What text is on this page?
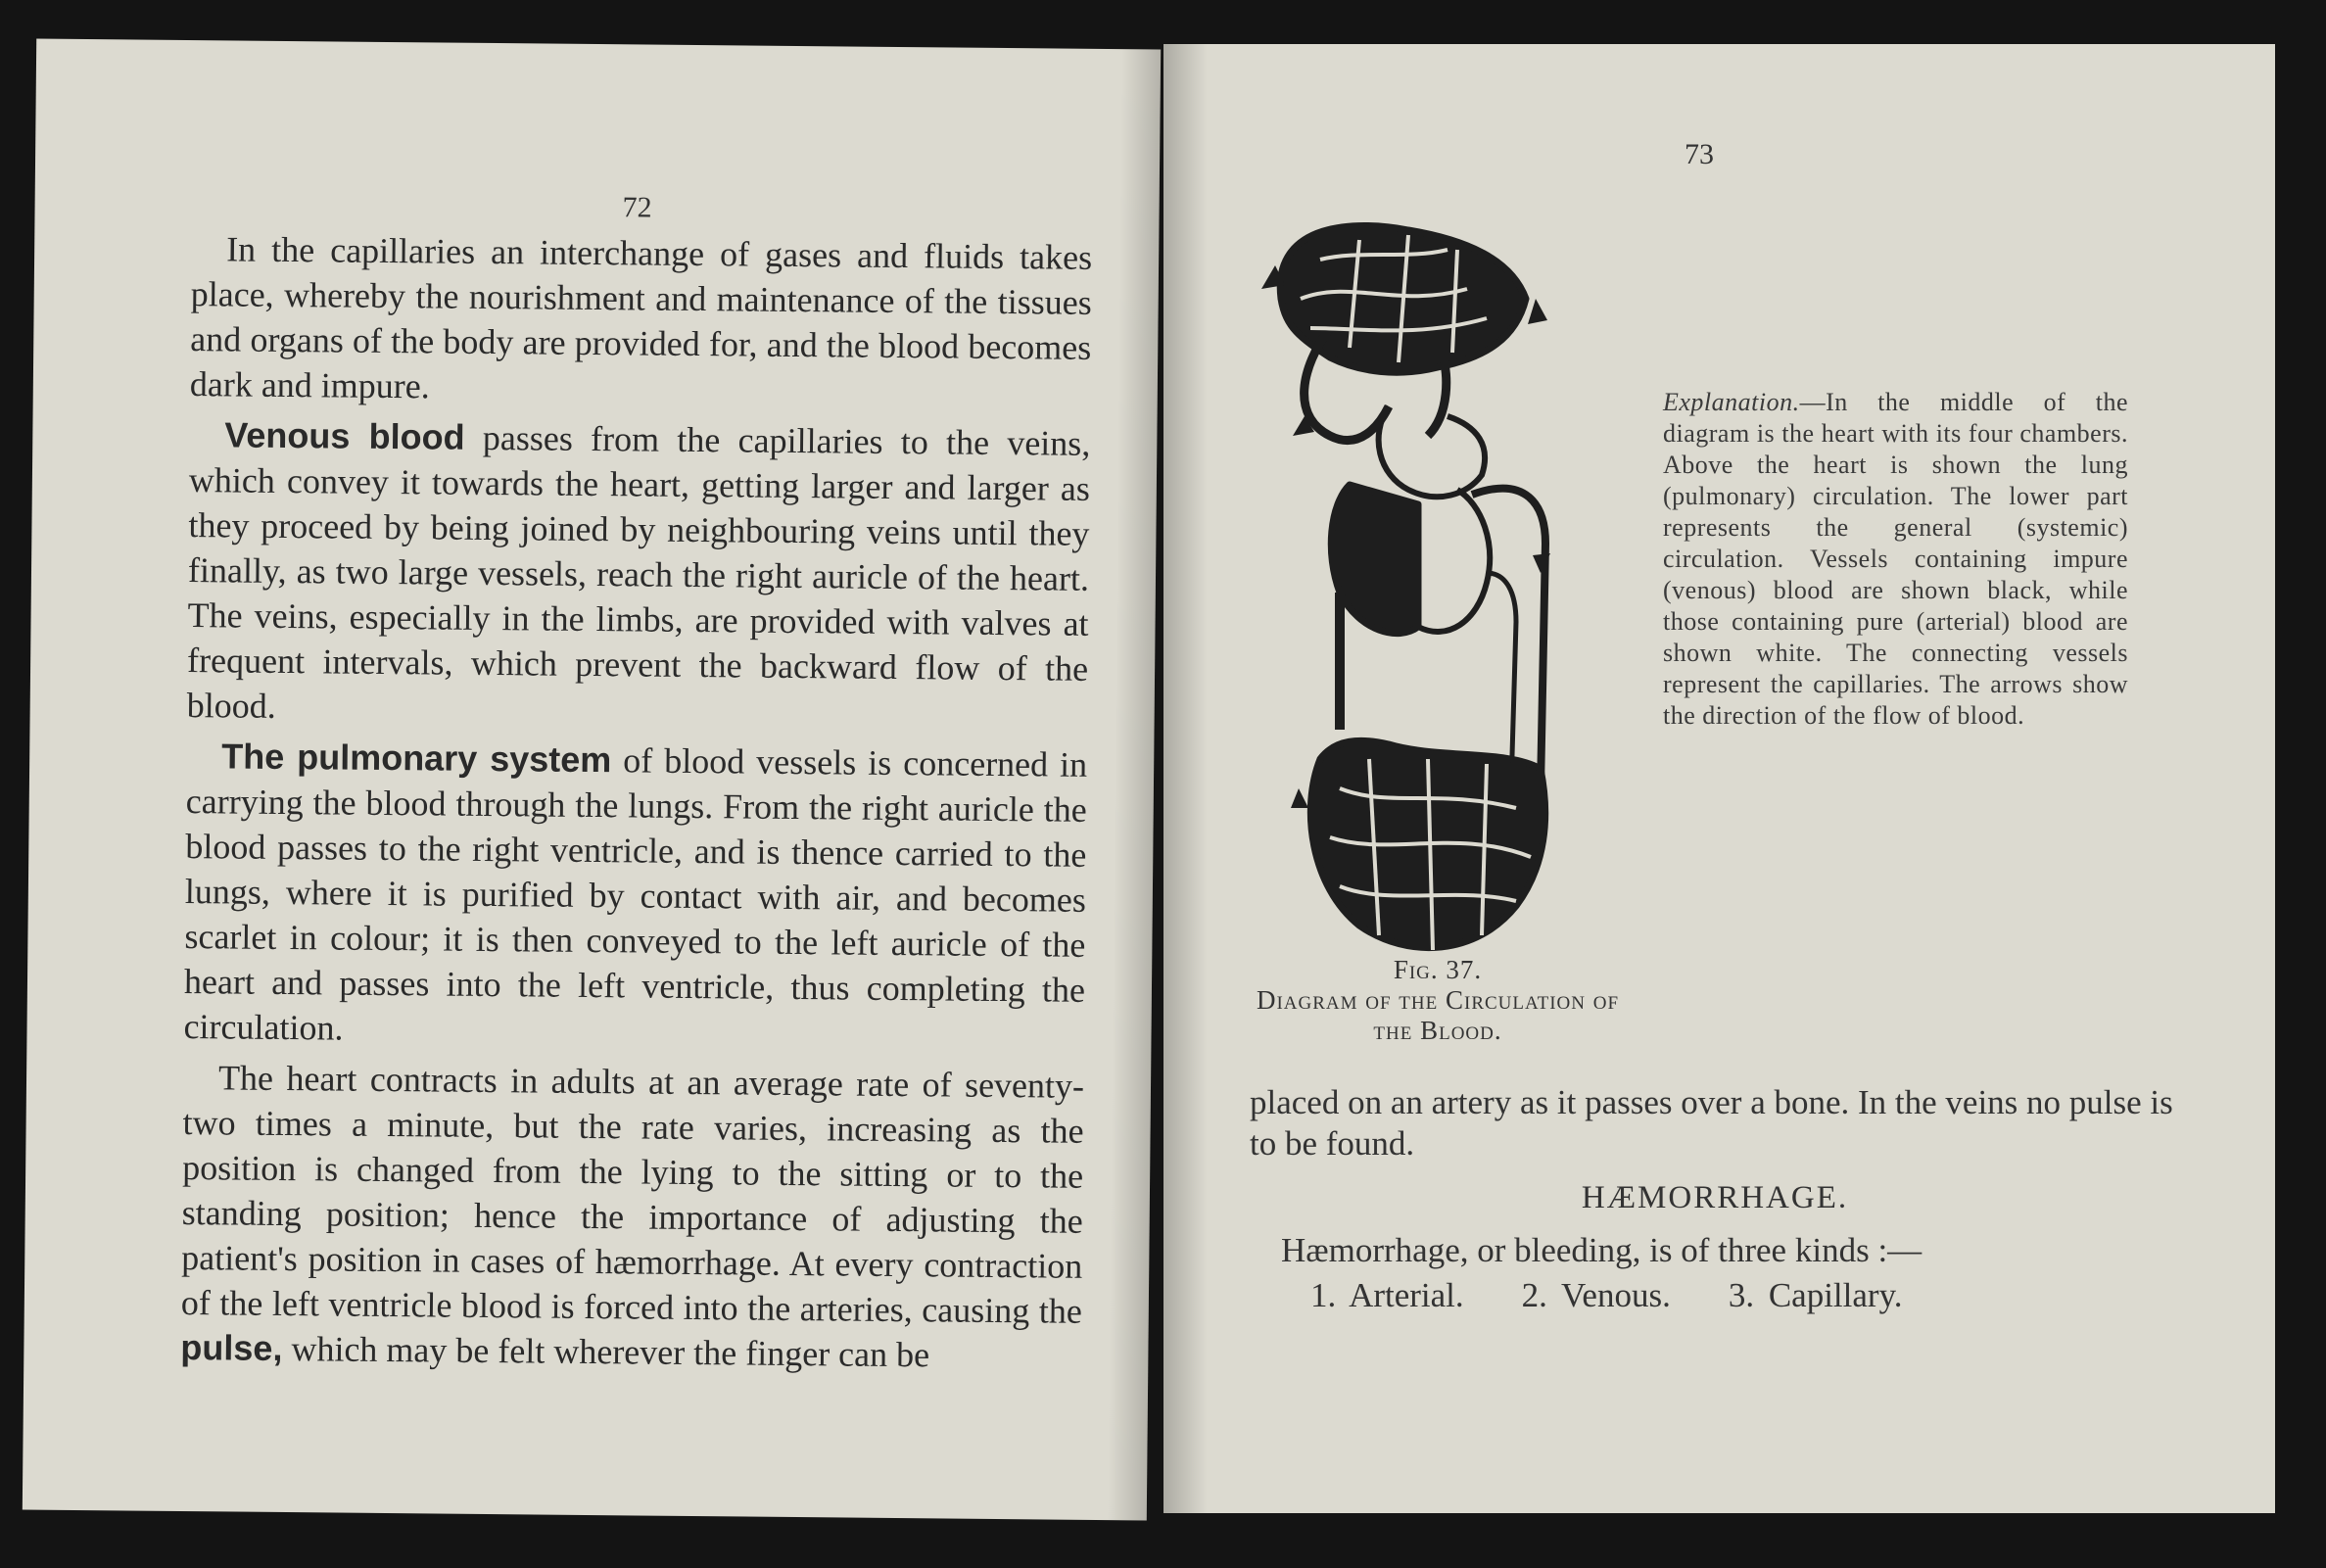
72

In the capillaries an interchange of gases and fluids takes place, whereby the nourishment and maintenance of the tissues and organs of the body are provided for, and the blood becomes dark and impure.

Venous blood passes from the capillaries to the veins, which convey it towards the heart, getting larger and larger as they proceed by being joined by neighbouring veins until they finally, as two large vessels, reach the right auricle of the heart. The veins, especially in the limbs, are provided with valves at frequent intervals, which prevent the backward flow of the blood.

The pulmonary system of blood vessels is concerned in carrying the blood through the lungs. From the right auricle the blood passes to the right ventricle, and is thence carried to the lungs, where it is purified by contact with air, and becomes scarlet in colour; it is then conveyed to the left auricle of the heart and passes into the left ventricle, thus completing the circulation.

The heart contracts in adults at an average rate of seventy-two times a minute, but the rate varies, increasing as the position is changed from the lying to the sitting or to the standing position; hence the importance of adjusting the patient's position in cases of hæmorrhage. At every contraction of the left ventricle blood is forced into the arteries, causing the pulse, which may be felt wherever the finger can be

73
Fig. 37.
Diagram of the Circulation of the Blood.
Explanation.—In the middle of the diagram is the heart with its four chambers. Above the heart is shown the lung (pulmonary) circulation. The lower part represents the general (systemic) circulation. Vessels containing impure (venous) blood are shown black, while those containing pure (arterial) blood are shown white. The connecting vessels represent the capillaries. The arrows show the direction of the flow of blood.
placed on an artery as it passes over a bone. In the veins no pulse is to be found.
HÆMORRHAGE.
Hæmorrhage, or bleeding, is of three kinds :—
1. Arterial. 2. Venous. 3. Capillary.
